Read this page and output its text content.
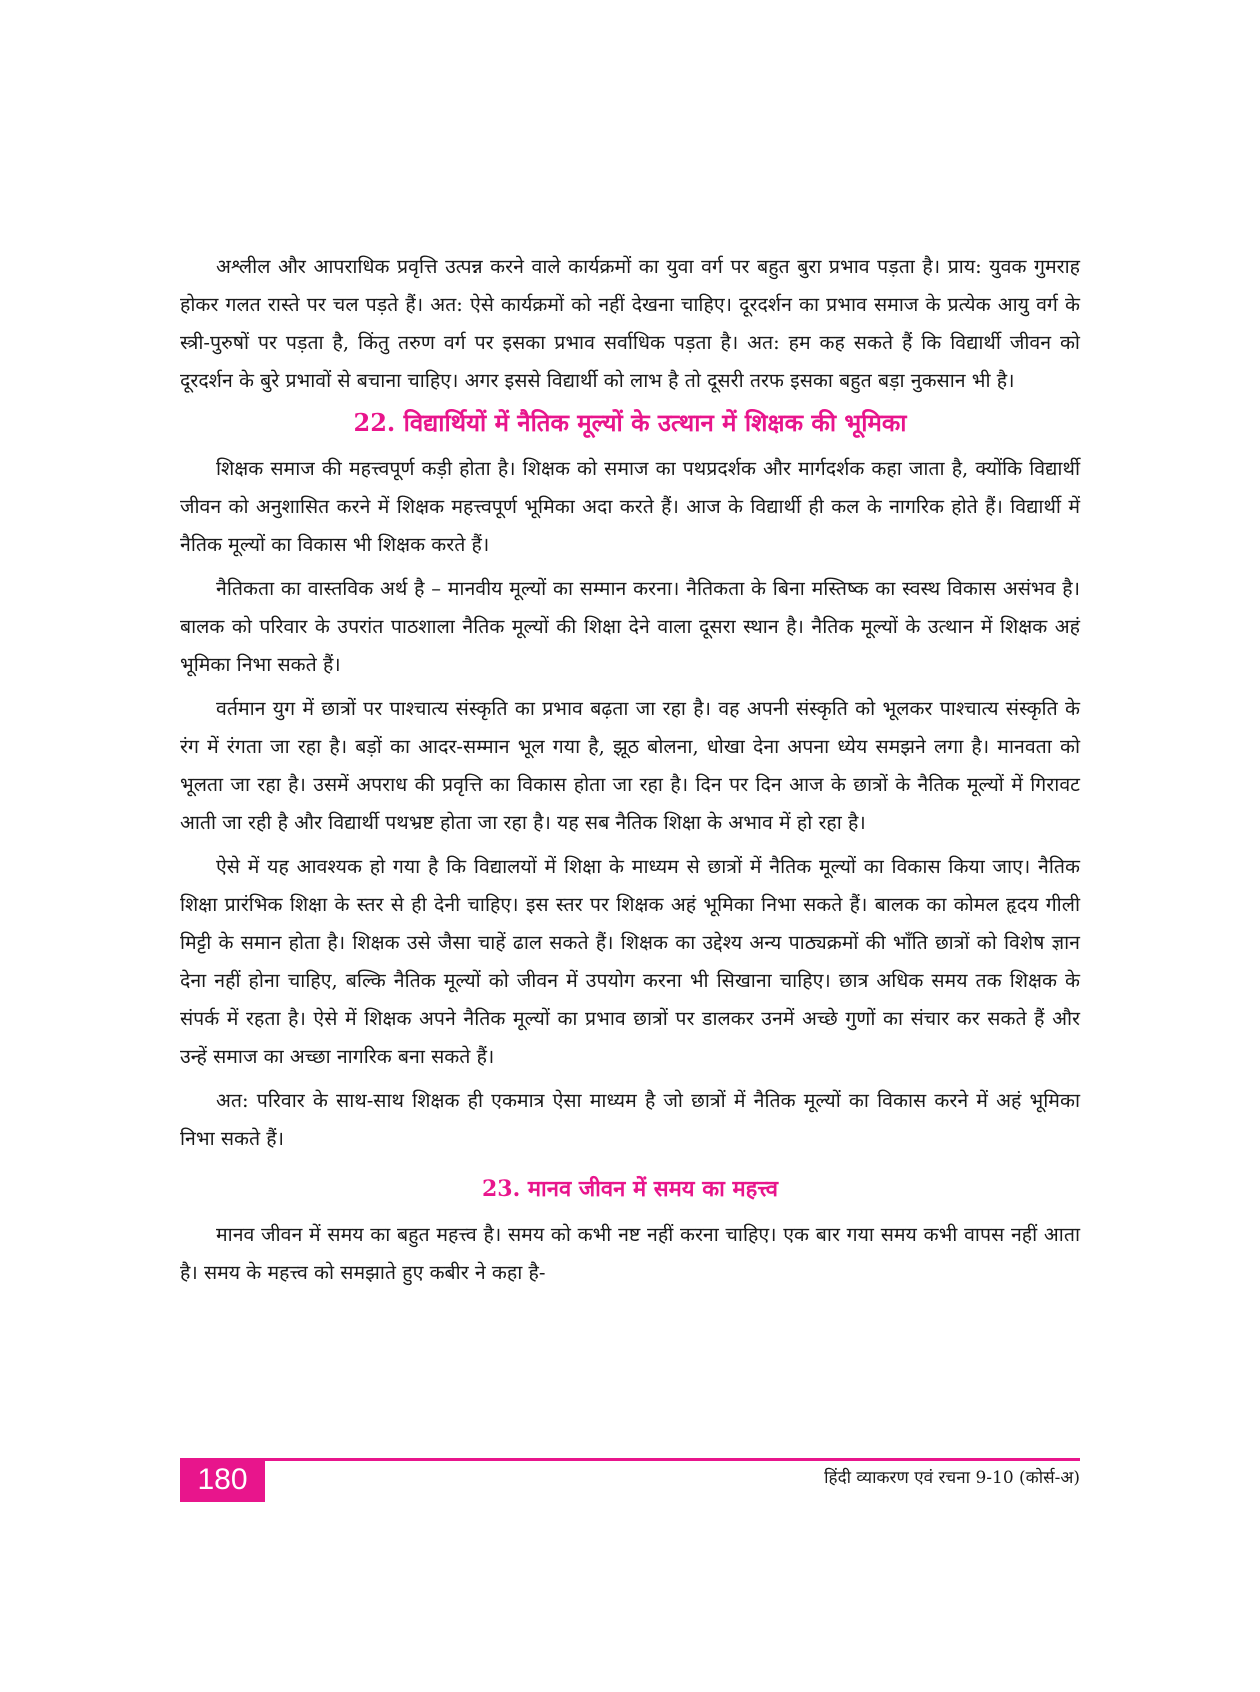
अश्लील और आपराधिक प्रवृत्ति उत्पन्न करने वाले कार्यक्रमों का युवा वर्ग पर बहुत बुरा प्रभाव पड़ता है। प्राय: युवक गुमराह होकर गलत रास्ते पर चल पड़ते हैं। अत: ऐसे कार्यक्रमों को नहीं देखना चाहिए। दूरदर्शन का प्रभाव समाज के प्रत्येक आयु वर्ग के स्त्री-पुरुषों पर पड़ता है, किंतु तरुण वर्ग पर इसका प्रभाव सर्वाधिक पड़ता है। अत: हम कह सकते हैं कि विद्यार्थी जीवन को दूरदर्शन के बुरे प्रभावों से बचाना चाहिए। अगर इससे विद्यार्थी को लाभ है तो दूसरी तरफ इसका बहुत बड़ा नुकसान भी है।

22. विद्यार्थियों में नैतिक मूल्यों के उत्थान में शिक्षक की भूमिका

शिक्षक समाज की महत्त्वपूर्ण कड़ी होता है। शिक्षक को समाज का पथप्रदर्शक और मार्गदर्शक कहा जाता है, क्योंकि विद्यार्थी जीवन को अनुशासित करने में शिक्षक महत्त्वपूर्ण भूमिका अदा करते हैं। आज के विद्यार्थी ही कल के नागरिक होते हैं। विद्यार्थी में नैतिक मूल्यों का विकास भी शिक्षक करते हैं।

नैतिकता का वास्तविक अर्थ है – मानवीय मूल्यों का सम्मान करना। नैतिकता के बिना मस्तिष्क का स्वस्थ विकास असंभव है। बालक को परिवार के उपरांत पाठशाला नैतिक मूल्यों की शिक्षा देने वाला दूसरा स्थान है। नैतिक मूल्यों के उत्थान में शिक्षक अहं भूमिका निभा सकते हैं।

वर्तमान युग में छात्रों पर पाश्चात्य संस्कृति का प्रभाव बढ़ता जा रहा है। वह अपनी संस्कृति को भूलकर पाश्चात्य संस्कृति के रंग में रंगता जा रहा है। बड़ों का आदर-सम्मान भूल गया है, झूठ बोलना, धोखा देना अपना ध्येय समझने लगा है। मानवता को भूलता जा रहा है। उसमें अपराध की प्रवृत्ति का विकास होता जा रहा है। दिन पर दिन आज के छात्रों के नैतिक मूल्यों में गिरावट आती जा रही है और विद्यार्थी पथभ्रष्ट होता जा रहा है। यह सब नैतिक शिक्षा के अभाव में हो रहा है।

ऐसे में यह आवश्यक हो गया है कि विद्यालयों में शिक्षा के माध्यम से छात्रों में नैतिक मूल्यों का विकास किया जाए। नैतिक शिक्षा प्रारंभिक शिक्षा के स्तर से ही देनी चाहिए। इस स्तर पर शिक्षक अहं भूमिका निभा सकते हैं। बालक का कोमल हृदय गीली मिट्टी के समान होता है। शिक्षक उसे जैसा चाहें ढाल सकते हैं। शिक्षक का उद्देश्य अन्य पाठ्यक्रमों की भाँति छात्रों को विशेष ज्ञान देना नहीं होना चाहिए, बल्कि नैतिक मूल्यों को जीवन में उपयोग करना भी सिखाना चाहिए। छात्र अधिक समय तक शिक्षक के संपर्क में रहता है। ऐसे में शिक्षक अपने नैतिक मूल्यों का प्रभाव छात्रों पर डालकर उनमें अच्छे गुणों का संचार कर सकते हैं और उन्हें समाज का अच्छा नागरिक बना सकते हैं।

अत: परिवार के साथ-साथ शिक्षक ही एकमात्र ऐसा माध्यम है जो छात्रों में नैतिक मूल्यों का विकास करने में अहं भूमिका निभा सकते हैं।

23. मानव जीवन में समय का महत्त्व

मानव जीवन में समय का बहुत महत्त्व है। समय को कभी नष्ट नहीं करना चाहिए। एक बार गया समय कभी वापस नहीं आता है। समय के महत्त्व को समझाते हुए कबीर ने कहा है-

180	हिंदी व्याकरण एवं रचना 9-10 (कोर्स-अ)
